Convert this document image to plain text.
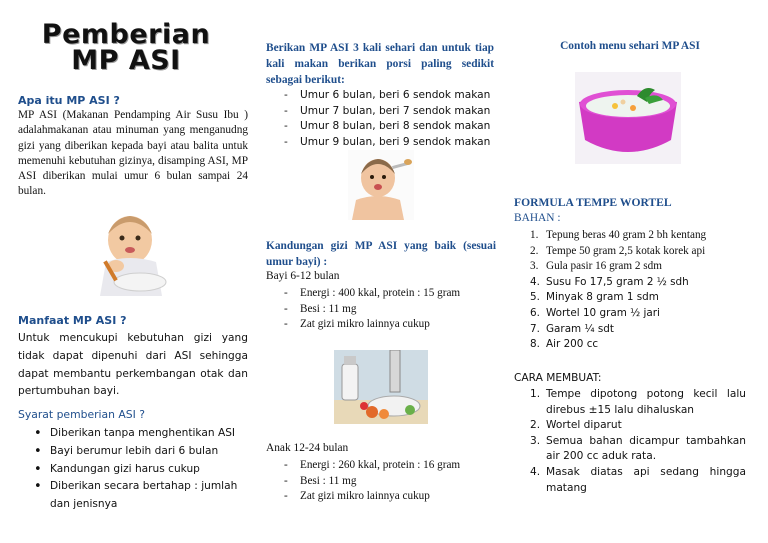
Pemberian
MP ASI
Apa itu MP ASI ?
MP ASI (Makanan Pendamping Air Susu Ibu ) adalahmakanan atau minuman yang menganudng gizi yang diberikan kepada bayi atau balita untuk memenuhi kebutuhan gizinya, disamping ASI, MP ASI diberikan mulai umur 6 bulan sampai 24 bulan.
Manfaat MP ASI ?
Untuk mencukupi kebutuhan gizi yang tidak dapat dipenuhi dari ASI sehingga dapat membantu perkembangan otak dan pertumbuhan bayi.
Syarat pemberian ASI ?
• Diberikan tanpa menghentikan ASI
• Bayi berumur lebih dari 6 bulan
• Kandungan gizi harus cukup
• Diberikan secara bertahap : jumlah dan jenisnya
Berikan MP ASI 3 kali sehari dan untuk tiap kali makan berikan porsi paling sedikit sebagai berikut:
- Umur 6 bulan, beri 6 sendok makan
- Umur 7 bulan, beri 7 sendok makan
- Umur 8 bulan, beri 8 sendok makan
- Umur 9 bulan, beri 9 sendok makan
Kandungan gizi MP ASI yang baik (sesuai umur bayi) :
Bayi 6-12 bulan
- Energi : 400 kkal, protein : 15 gram
- Besi : 11 mg
- Zat gizi mikro lainnya cukup
Anak 12-24 bulan
- Energi : 260 kkal, protein : 16 gram
- Besi : 11 mg
- Zat gizi mikro lainnya cukup
Contoh menu sehari MP ASI
FORMULA TEMPE WORTEL
BAHAN :
1. Tepung beras 40 gram 2 bh kentang
2. Tempe 50 gram 2,5 kotak korek api
3. Gula pasir 16 gram 2 sdm
4. Susu Fo 17,5 gram 2 ½ sdh
5. Minyak 8 gram 1 sdm
6. Wortel 10 gram ½ jari
7. Garam ¼ sdt
8. Air 200 cc
CARA MEMBUAT:
1. Tempe dipotong potong kecil lalu direbus ±15 lalu dihaluskan
2. Wortel diparut
3. Semua bahan dicampur tambahkan air 200 cc aduk rata.
4. Masak diatas api sedang hingga matang
